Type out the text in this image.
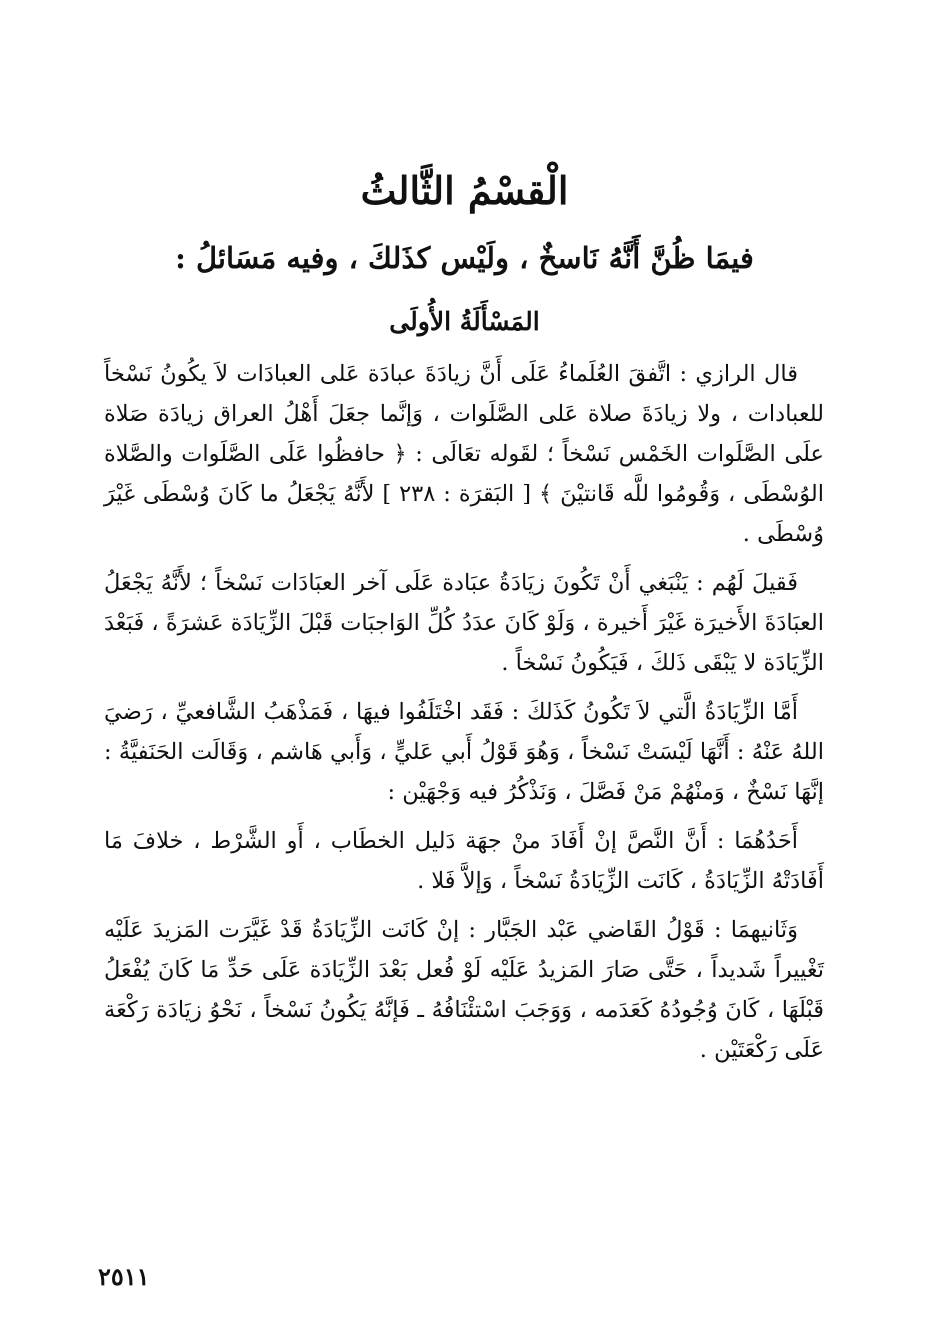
الْقسْمُ الثَّالثُ
فيمَا ظُنَّ أَنَّهُ نَاسخٌ ، ولَيْس كذَلكَ ، وفيه مَسَائلُ :
المَسْأَلَةُ الأُولَى

قال الرازي : اتَّفقَ العُلَماءُ عَلَى أَنَّ زيادَةَ عبادَة عَلى العبادَات لاَ يكُونُ نَسْخاً للعبادات ، ولا زيادَةَ صلاة عَلى الصَّلَوات ، وَإنَّما جعَلَ أَهْلُ العراق زيادَة صَلاة علَى الصَّلَوات الخَمْس نَسْخاً ؛ لقَوله تعَالَى : ﴿ حافظُوا عَلَى الصَّلَوات والصَّلاة الوُسْطَى ، وَقُومُوا للَّه قَانتيْنَ ﴾ [ البَقرَة : ٢٣٨ ] لأَنَّهُ يَجْعَلُ ما كَانَ وُسْطَى غَيْرَ وُسْطَى .

فَقيلَ لَهُم : يَنْبَغي أَنْ تَكُونَ زيَادَةُ عبَادة عَلَى آخر العبَادَات نَسْخاً ؛ لأَنَّهُ يَجْعَلُ العبَادَةَ الأَخيرَة غَيْرَ أَخيرة ، وَلَوْ كَانَ عدَدُ كُلِّ الوَاجبَات قَبْلَ الزِّيَادَة عَشرَةً ، فَبَعْدَ الزِّيَادَة لا يَبْقَى ذَلكَ ، فَيَكُونُ نَسْخاً .

أَمَّا الزِّيَادَةُ الَّتي لاَ تَكُونُ كَذَلكَ : فَقَد اخْتَلَفُوا فيهَا ، فَمَذْهَبُ الشَّافعيِّ ، رَضيَ اللهُ عَنْهُ : أَنَّهَا لَيْسَتْ نَسْخاً ، وَهُوَ قَوْلُ أَبي عَليٍّ ، وَأَبي هَاشم ، وَقَالَت الحَنَفيَّةُ : إنَّهَا نَسْخٌ ، وَمنْهُمْ مَنْ فَصَّلَ ، وَنَذْكُرُ فيه وَجْهَيْن :

أَحَدُهُمَا : أَنَّ النَّصَّ إنْ أَفَادَ منْ جهَة دَليل الخطَاب ، أَو الشَّرْط ، خلافَ مَا أَفَادَتْهُ الزِّيَادَةُ ، كَانَت الزِّيَادَةُ نَسْخاً ، وَإلاَّ فَلا .

وَثَانيهمَا : قَوْلُ القَاضي عَبْد الجَبَّار : إنْ كَانَت الزِّيَادَةُ قَدْ غَيَّرَت المَزيدَ عَلَيْه تَغْييراً شَديداً ، حَتَّى صَارَ المَزيدُ عَلَيْه لَوْ فُعل بَعْدَ الزِّيَادَة عَلَى حَدِّ مَا كَانَ يُفْعَلُ قَبْلَهَا ، كَانَ وُجُودُهُ كَعَدَمه ، وَوَجَبَ اسْتئْنَافُهُ ـ فَإنَّهُ يَكُونُ نَسْخاً ، نَحْوُ زيَادَة رَكْعَة عَلَى رَكْعَتَيْن .

٢٥١١
